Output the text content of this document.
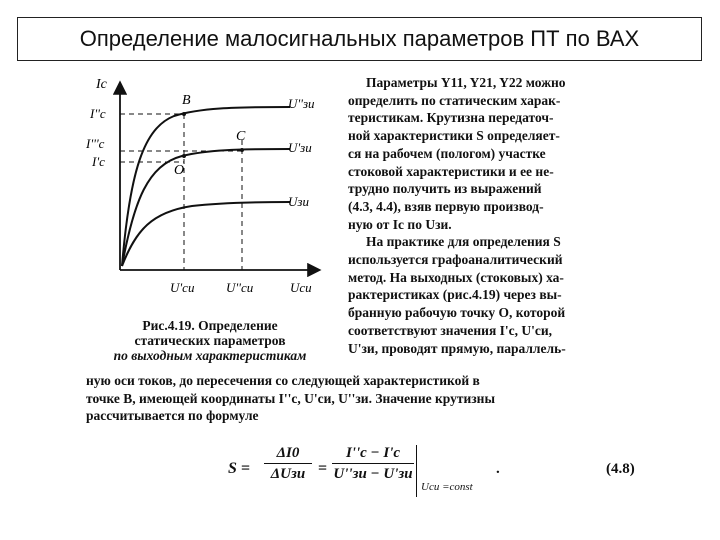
Определение малосигнальных параметров ПТ по ВАХ
Iс
I''с
I'''с
I'с
B
C
O
U''зи
U'зи
Uзи
U'си U''си	Uси
Рис.4.19. Определение
статических параметров
по выходным характеристикам

Параметры Y11, Y21, Y22 можно

определить по статическим харак-

теристикам. Крутизна передаточ-

ной характеристики S определяет-

ся на рабочем (пологом) участке

стоковой характеристики и ее не-

трудно получить из выражений

(4.3, 4.4), взяв первую производ-

ную от Iс по Uзи.

На практике для определения S

используется графоаналитический

метод. На выходных (стоковых) ха-

рактеристиках (рис.4.19) через вы-

бранную рабочую точку O, которой

соответствуют значения I'с, U'си,

U'зи, проводят прямую, параллель-

ную оси токов, до пересечения со следующей характеристикой в

точке B, имеющей координаты I''с, U'си, U''зи. Значение крутизны

рассчитывается по формуле

S =
ΔI0
ΔUзи =
I''с − I'с
U''зи − U'зи
Uси =const
.	(4.8)
